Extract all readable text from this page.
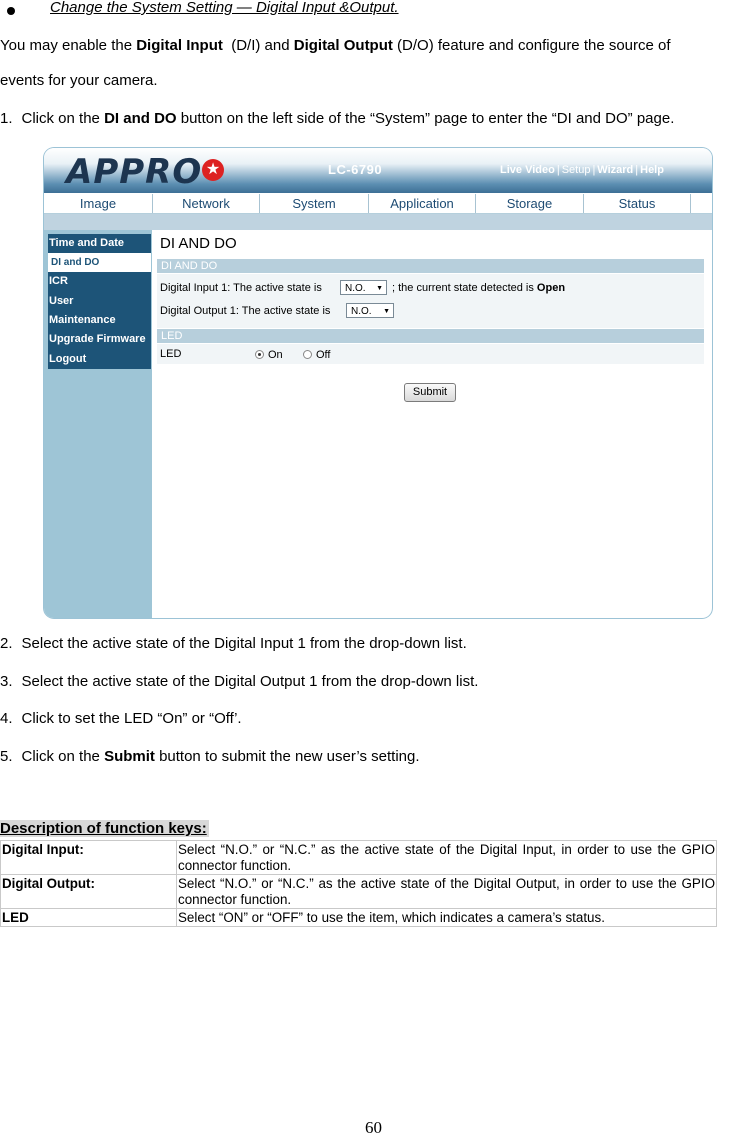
Change the System Setting — Digital Input &Output.
You may enable the Digital Input  (D/I) and Digital Output (D/O) feature and configure the source of
events for your camera.
1. Click on the DI and DO button on the left side of the “System” page to enter the “DI and DO” page.
APPRO ★	LC-6790	Live Video | Setup | Wizard | Help
Image	Network	System	Application	Storage	Status
Time and Date
DI and DO
ICR
User
Maintenance
Upgrade Firmware
Logout
DI AND DO
DI AND DO
Digital Input 1: The active state is	N.O. ▼ ; the current state detected is Open
Digital Output 1: The active state is	N.O. ▼
LED
LED	On	Off
Submit
2. Select the active state of the Digital Input 1 from the drop-down list.
3. Select the active state of the Digital Output 1 from the drop-down list.
4. Click to set the LED “On” or “Off’.
5. Click on the Submit button to submit the new user’s setting.
Description of function keys:
Digital Input:	Select “N.O.” or “N.C.” as the active state of the Digital Input, in order to use the GPIO connector function.
Digital Output:	Select “N.O.” or “N.C.” as the active state of the Digital Output, in order to use the GPIO connector function.
LED	Select “ON” or “OFF” to use the item, which indicates a camera’s status.
60
